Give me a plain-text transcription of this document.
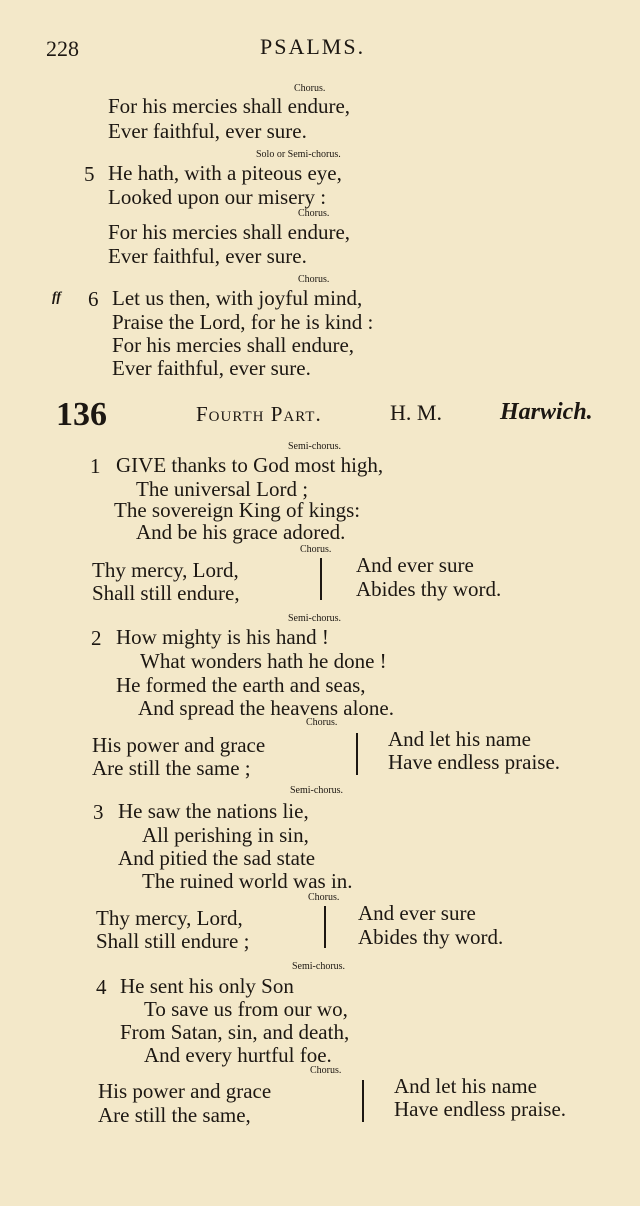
228	PSALMS.
Chorus.
For his mercies shall endure,
Ever faithful, ever sure.
Solo or Semi-chorus.
5 He hath, with a piteous eye,
Looked upon our misery :
Chorus.
For his mercies shall endure,
Ever faithful, ever sure.
Chorus.
ff 6 Let us then, with joyful mind,
Praise the Lord, for he is kind :
For his mercies shall endure,
Ever faithful, ever sure.
136	Fourth Part.	H. M. Harwich.
Semi-chorus.
1 GIVE thanks to God most high,
The universal Lord ;
The sovereign King of kings:
And be his grace adored.
Chorus.
Thy mercy, Lord,
Shall still endure,
And ever sure
Abides thy word.
Semi-chorus.
2 How mighty is his hand !
What wonders hath he done !
He formed the earth and seas,
And spread the heavens alone.
Chorus.
His power and grace
Are still the same ;
And let his name
Have endless praise.
Semi-chorus.
3 He saw the nations lie,
All perishing in sin,
And pitied the sad state
The ruined world was in.
Chorus.
Thy mercy, Lord,
Shall still endure ;
And ever sure
Abides thy word.
Semi-chorus.
4 He sent his only Son
To save us from our wo,
From Satan, sin, and death,
And every hurtful foe.
Chorus.
His power and grace
Are still the same,
And let his name
Have endless praise.
